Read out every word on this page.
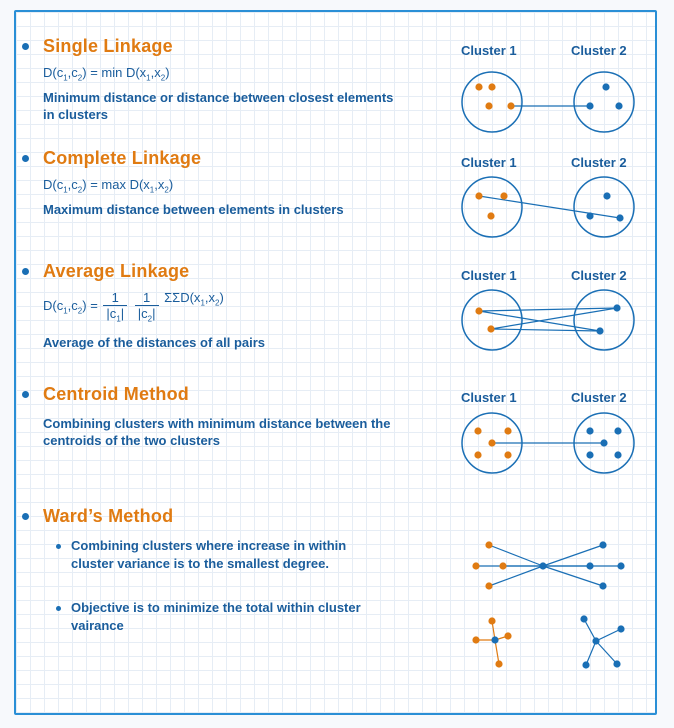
Single Linkage
$D(c_1,c_2) = \min D(x_1,x_2)$
Minimum distance or distance between closest elements in clusters
Complete Linkage
$D(c_1,c_2) = \max D(x_1,x_2)$
Maximum distance between elements in clusters
Average Linkage
$D(c_1,c_2) = \frac{1}{|c_1|}$
$\frac{1}{|c_2|} \Sigma\Sigma D(x_1,x_2)$
Average of the distances of all pairs
Centroid Method
Combining clusters with minimum distance between the centroids of the two clusters
Ward’s Method
Combining clusters where increase in within cluster variance is to the smallest degree.
Objective is to minimize the total within cluster vairance
Cluster 1	Cluster 2
Cluster 1	Cluster 2
Cluster 1	Cluster 2
Cluster 1	Cluster 2
